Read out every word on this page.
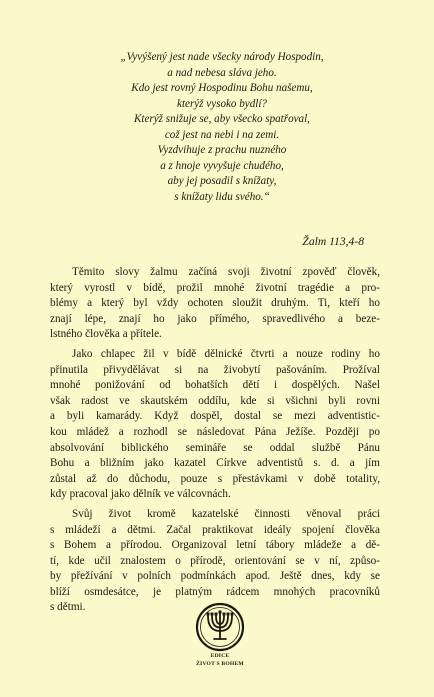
„Vyvýšený jest nade všecky národy Hospodin,
a nad nebesa sláva jeho.
Kdo jest rovný Hospodinu Bohu našemu,
kterýž vysoko bydlí?
Kterýž snižuje se, aby všecko spatřoval,
což jest na nebi i na zemi.
Vyzdvihuje z prachu nuzného
a z hnoje vyvyšuje chudého,
aby jej posadil s knížaty,
s knížaty lidu svého.“
Žalm 113,4-8

Těmito slovy žalmu začíná svoji životní zpověď člověk,
který vyrostl v bídě, prožil mnohé životní tragédie a pro-
blémy a který byl vždy ochoten sloužit druhým. Ti, kteří ho
znají lépe, znají ho jako přímého, spravedlivého a beze-
lstného člověka a přítele.

Jako chlapec žil v bídě dělnické čtvrti a nouze rodiny ho
přinutila přivydělávat si na živobytí pašováním. Prožíval
mnohé ponižování od bohatších dětí i dospělých. Našel
však radost ve skautském oddílu, kde si všichni byli rovni
a byli kamarády. Když dospěl, dostal se mezi adventistic-
kou mládež a rozhodl se následovat Pána Ježíše. Později po
absolvování biblického semináře se oddal službě Pánu
Bohu a bližním jako kazatel Církve adventistů s. d. a jím
zůstal až do důchodu, pouze s přestávkami v době totality,
kdy pracoval jako dělník ve válcovnách.

Svůj život kromě kazatelské činnosti věnoval práci
s mládeží a dětmi. Začal praktikovat ideály spojení člověka
s Bohem a přírodou. Organizoval letní tábory mládeže a dě-
tí, kde učil znalostem o přírodě, orientování se v ní, způso-
by přežívání v polních podmínkách apod. Ještě dnes, kdy se
blíží osmdesátce, je platným rádcem mnohých pracovníků
s dětmi.

EDICE
ŽIVOT S BOHEM
